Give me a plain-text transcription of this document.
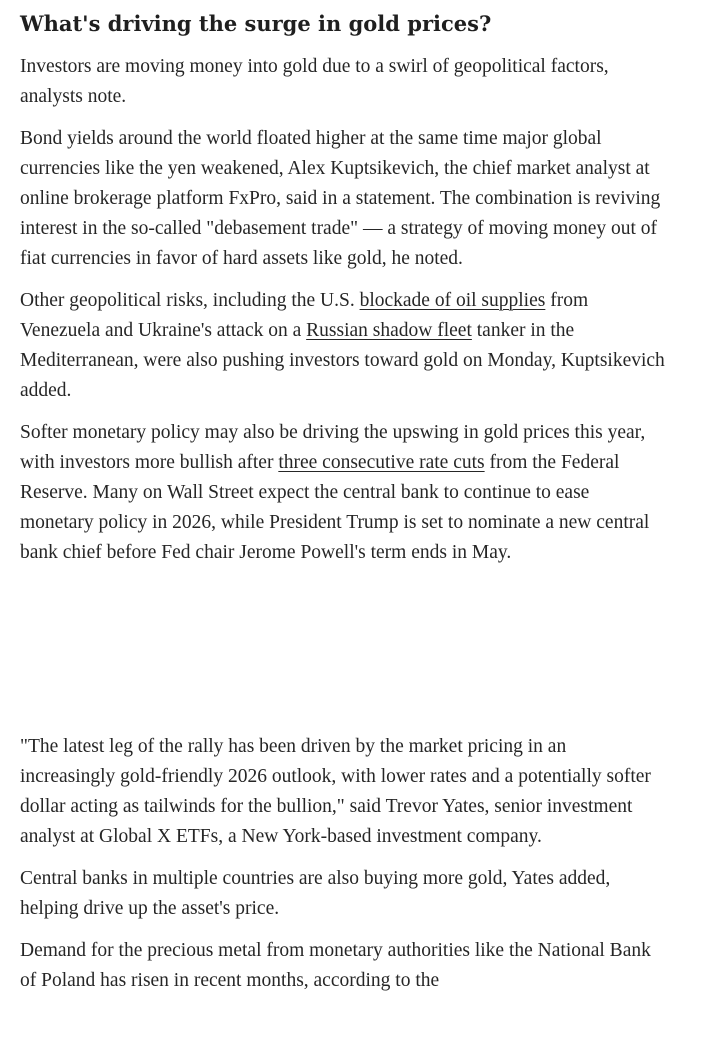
What's driving the surge in gold prices?

Investors are moving money into gold due to a swirl of geopolitical factors, analysts note.

Bond yields around the world floated higher at the same time major global currencies like the yen weakened, Alex Kuptsikevich, the chief market analyst at online brokerage platform FxPro, said in a statement. The combination is reviving interest in the so-called "debasement trade" — a strategy of moving money out of fiat currencies in favor of hard assets like gold, he noted.

Other geopolitical risks, including the U.S. blockade of oil supplies from Venezuela and Ukraine's attack on a Russian shadow fleet tanker in the Mediterranean, were also pushing investors toward gold on Monday, Kuptsikevich added.

Softer monetary policy may also be driving the upswing in gold prices this year, with investors more bullish after three consecutive rate cuts from the Federal Reserve. Many on Wall Street expect the central bank to continue to ease monetary policy in 2026, while President Trump is set to nominate a new central bank chief before Fed chair Jerome Powell's term ends in May.

"The latest leg of the rally has been driven by the market pricing in an increasingly gold-friendly 2026 outlook, with lower rates and a potentially softer dollar acting as tailwinds for the bullion," said Trevor Yates, senior investment analyst at Global X ETFs, a New York-based investment company.

Central banks in multiple countries are also buying more gold, Yates added, helping drive up the asset's price.

Demand for the precious metal from monetary authorities like the National Bank of Poland has risen in recent months, according to the
